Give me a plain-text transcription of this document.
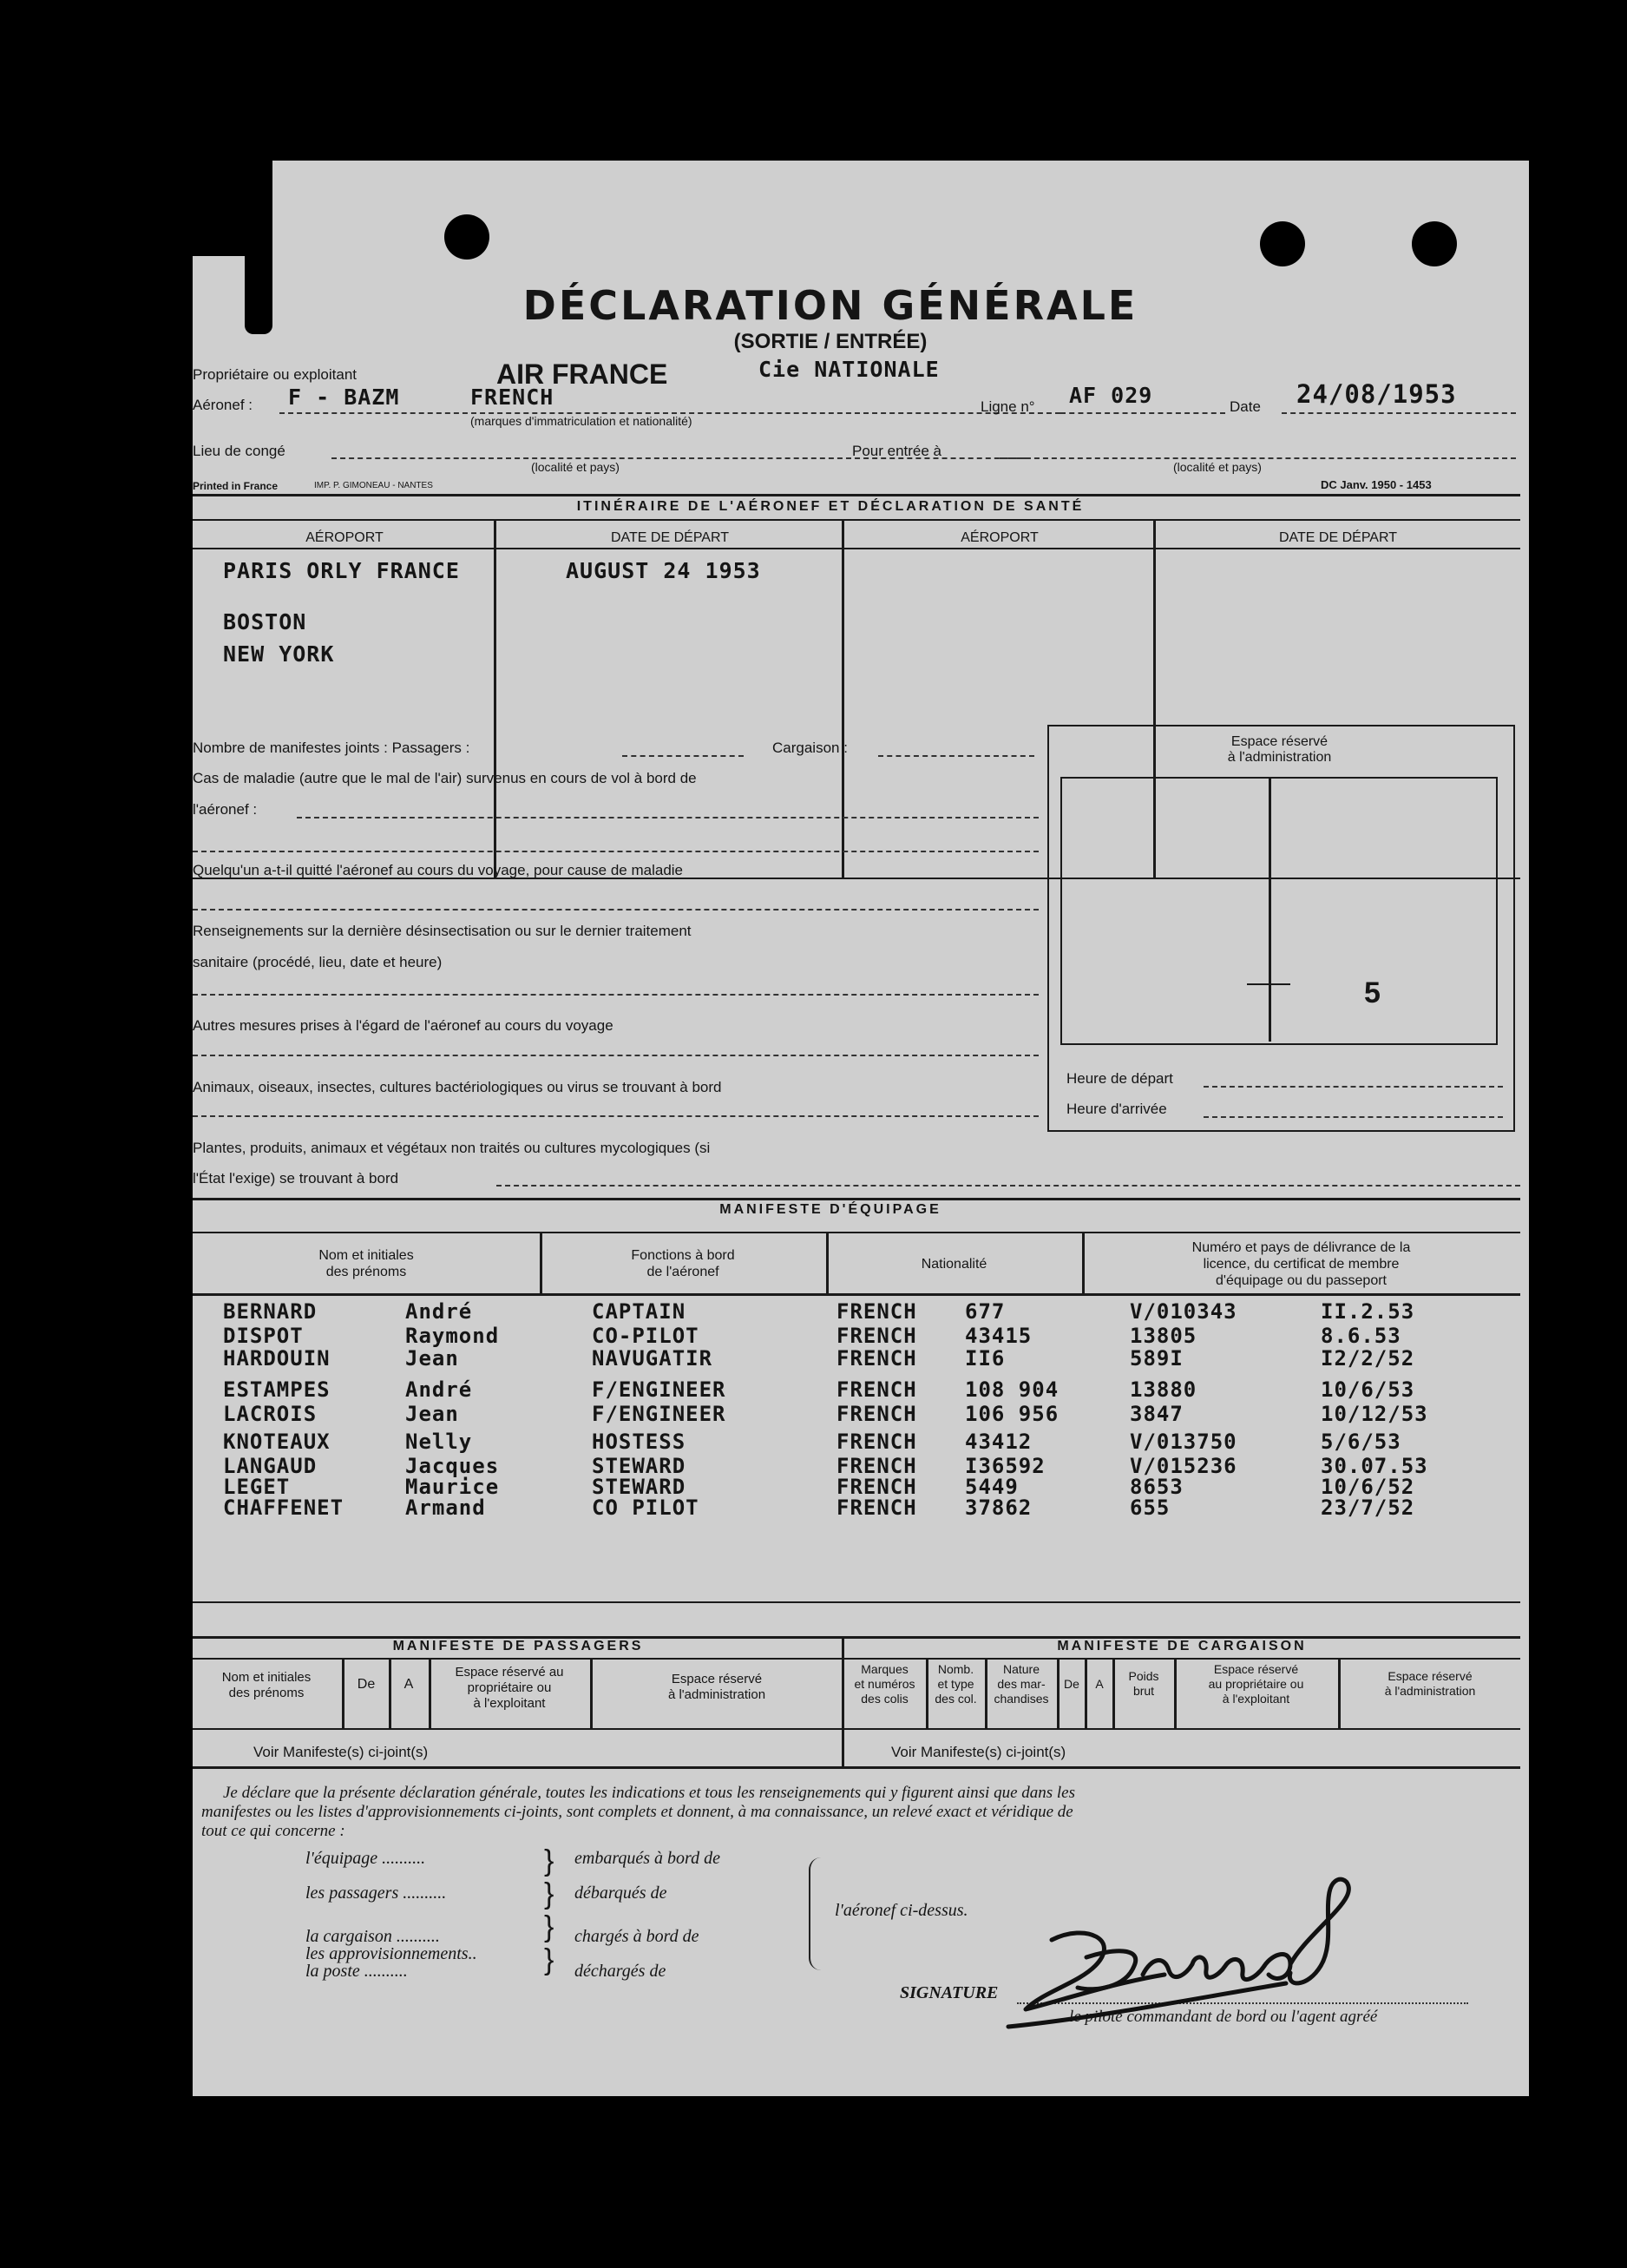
DÉCLARATION GÉNÉRALE
(SORTIE / ENTRÉE)
Propriétaire ou exploitant	AIR FRANCE	Cie NATIONALE
Aéronef : F - BAZM	FRENCH	Ligne n° AF 029	Date 24/08/1953
(marques d'immatriculation et nationalité)
Lieu de congé	Pour entrée à
(localité et pays)	(localité et pays)
Printed in France	IMP. P. GIMONEAU - NANTES	DC Janv. 1950 - 1453
ITINÉRAIRE DE L'AÉRONEF ET DÉCLARATION DE SANTÉ
AÉROPORT	DATE DE DÉPART	AÉROPORT	DATE DE DÉPART
PARIS ORLY FRANCE	AUGUST 24 1953
BOSTON
NEW YORK
Nombre de manifestes joints : Passagers :	Cargaison :
Cas de maladie (autre que le mal de l'air) survenus en cours de vol à bord de
l'aéronef :
Quelqu'un a-t-il quitté l'aéronef au cours du voyage, pour cause de maladie
Renseignements sur la dernière désinsectisation ou sur le dernier traitement
sanitaire (procédé, lieu, date et heure)
Autres mesures prises à l'égard de l'aéronef au cours du voyage
Animaux, oiseaux, insectes, cultures bactériologiques ou virus se trouvant à bord
Plantes, produits, animaux et végétaux non traités ou cultures mycologiques (si
l'État l'exige) se trouvant à bord
Espace réservé
à l'administration
5
Heure de départ
Heure d'arrivée
MANIFESTE D'ÉQUIPAGE
Nom et initiales
des prénoms
Fonctions à bord
de l'aéronef
Nationalité
Numéro et pays de délivrance de la
licence, du certificat de membre
d'équipage ou du passeport
MANIFESTE DE PASSAGERS	MANIFESTE DE CARGAISON
Nom et initiales
des prénoms
De	A
Espace réservé au
propriétaire ou
à l'exploitant
Espace réservé
à l'administration
Marques
et numéros
des colis
Nomb.
et type
des col.
Nature
des mar-
chandises
De	A
Poids
brut
Espace réservé
au propriétaire ou
à l'exploitant
Espace réservé
à l'administration
Voir Manifeste(s) ci-joint(s)	Voir Manifeste(s) ci-joint(s)
Je déclare que la présente déclaration générale, toutes les indications et tous les renseignements qui y figurent ainsi que dans les
manifestes ou les listes d'approvisionnements ci-joints, sont complets et donnent, à ma connaissance, un relevé exact et véridique de
tout ce qui concerne :
l'équipage ..........
les passagers ..........
la cargaison ..........
les approvisionnements..
la poste ..........
}
}
}
}
embarqués à bord de
débarqués de
chargés à bord de
déchargés de
l'aéronef ci-dessus.
SIGNATURE
le pilote commandant de bord ou l'agent agréé
BERNARD	André	CAPTAIN	FRENCH 677	V/010343	II.2.53
DISPOT	Raymond	CO-PILOT	FRENCH 43415	13805	8.6.53
HARDOUIN	Jean	NAVUGATIR	FRENCH II6	589I	I2/2/52
ESTAMPES	André	F/ENGINEER	FRENCH 108 904	13880	10/6/53
LACROIS	Jean	F/ENGINEER	FRENCH 106 956	3847	10/12/53
KNOTEAUX	Nelly	HOSTESS	FRENCH 43412	V/013750	5/6/53
LANGAUD	Jacques	STEWARD	FRENCH I36592	V/015236	30.07.53
LEGET	Maurice	STEWARD	FRENCH 5449	8653	10/6/52
CHAFFENET	Armand	CO PILOT	FRENCH 37862	655	23/7/52
